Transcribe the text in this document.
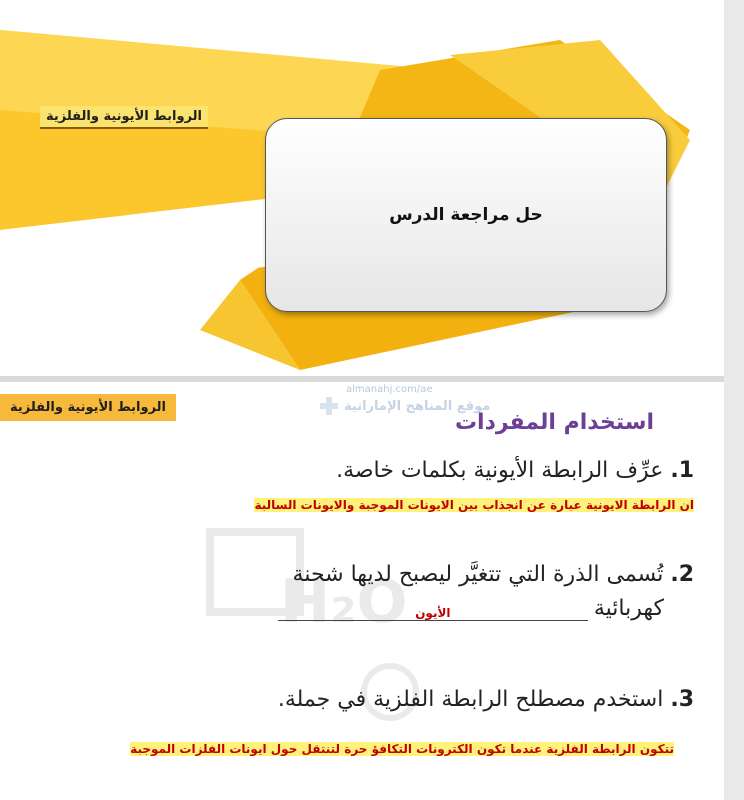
الروابط الأيونية والفلزية
حل مراجعة الدرس
الروابط الأيونية والفلزية
almanahj.com/ae
موقع المناهج الإماراتية
H₂O
استخدام المفردات
1. عرِّف الرابطة الأيونية بكلمات خاصة.
ان الرابطة الايونية عبارة عن انجذاب بين الايونات الموجبة والايونات السالبة
2. تُسمى الذرة التي تتغيَّر ليصبح لديها شحنة
كهربائية
الأيون
3. استخدم مصطلح الرابطة الفلزية في جملة.
تتكون الرابطة الفلزية عندما تكون الكترونات التكافؤ حرة لتنتقل حول ايونات الفلزات الموجبة
